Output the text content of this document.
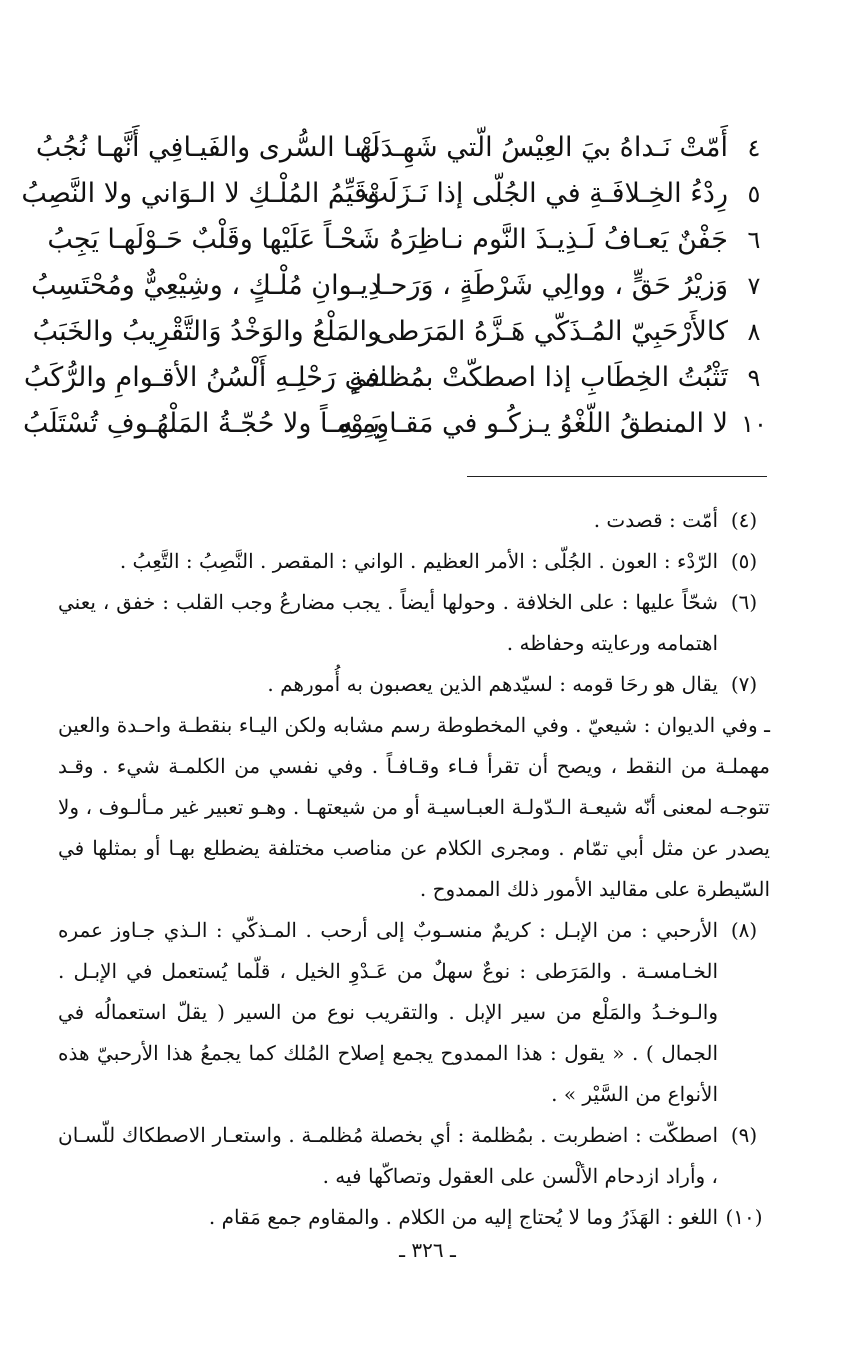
٤
أَمّتْ نَـداهُ بيَ العِيْسُ الّتي شَهِـدَتْ
لَهـا السُّرى والفَيـافِي أَنَّهـا نُجُبُ
٥
رِدْءُ الخِـلافَـةِ في الجُلّى إذا نَـزَلَتْ
وقَيِّمُ المُلْـكِ لا الـوَاني ولا النَّصِبُ
٦
جَفْنٌ يَعـافُ لَـذِيـذَ النَّوم نـاظِرَهُ
شَحْـاً عَلَيْها وقَلْبٌ حَـوْلَهـا يَجِبُ
٧
وَزيْرُ حَقٍّ ، ووالِي شَرْطَةٍ ، وَرَحـا
دِيـوانِ مُلْـكٍ ، وشِيْعِيٌّ ومُحْتَسِبُ
٨
كالأَرْحَبِيّ المُـذَكّي هَـزَّهُ المَرَطى
والمَلْعُ والوَخْدُ وَالتَّقْرِيبُ والخَبَبُ
٩
تَثْبُتُ الخِطَابِ إذا اصطكّتْ بمُظلمةٍ
في رَحْلِـهِ أَلْسُنُ الأقـوامِ والرُّكَبُ
١٠
لا المنطقُ اللّغْوُ يـزكُـو في مَقـاوِمِـهِ
يَـوْمـاً ولا حُجّـةُ المَلْهُـوفِ تُسْتَلَبُ
(٤)

أمّت : قصدت .

(٥)

الرّدْء : العون . الجُلّى : الأمر العظيم . الواني : المقصر . النَّصِبُ : التَّعِبُ .

(٦)

شحّاً عليها : على الخلافة . وحولها أيضاً . يجب مضارعُ وجب القلب : خفق ، يعني اهتمامه ورعايته وحفاظه .

(٧)

يقال هو رحَا قومه : لسيّدهم الذين يعصبون به أُمورهم .

ـ وفي الديوان : شيعيّ . وفي المخطوطة رسم مشابه ولكن اليـاء بنقطـة واحـدة والعين مهملـة من النقط ، ويصح أن تقرأ فـاء وقـافـاً . وفي نفسي من الكلمـة شيء . وقـد تتوجـه لمعنى أنّه شيعـة الـدّولـة العبـاسيـة أو من شيعتهـا . وهـو تعبير غير مـألـوف ، ولا يصدر عن مثل أبي تمّام . ومجرى الكلام عن مناصب مختلفة يضطلع بهـا أو بمثلها في السّيطرة على مقاليد الأمور ذلك الممدوح .

(٨)

الأرحبي : من الإبـل : كريمٌ منسـوبٌ إلى أرحب . المـذكّي : الـذي جـاوز عمره الخـامسـة . والمَرَطى : نوعٌ سهلٌ من عَـدْوِ الخيل ، قلّما يُستعمل في الإبـل . والـوخـدُ والمَلْع من سير الإبل . والتقريب نوع من السير ( يقلّ استعمالُه في الجمال ) . « يقول : هذا الممدوح يجمع إصلاح المُلك كما يجمعُ هذا الأرحبيّ هذه الأنواع من السَّيْر » .

(٩)

اصطكّت : اضطربت . بمُظلمة : أي بخصلة مُظلمـة . واستعـار الاصطكاك للّسـان ، وأراد ازدحام الألْسن على العقول وتصاكّها فيه .

(١٠)

اللغو : الهَذَرُ وما لا يُحتاج إليه من الكلام . والمقاوم جمع مَقام .

ـ ٣٢٦ ـ
